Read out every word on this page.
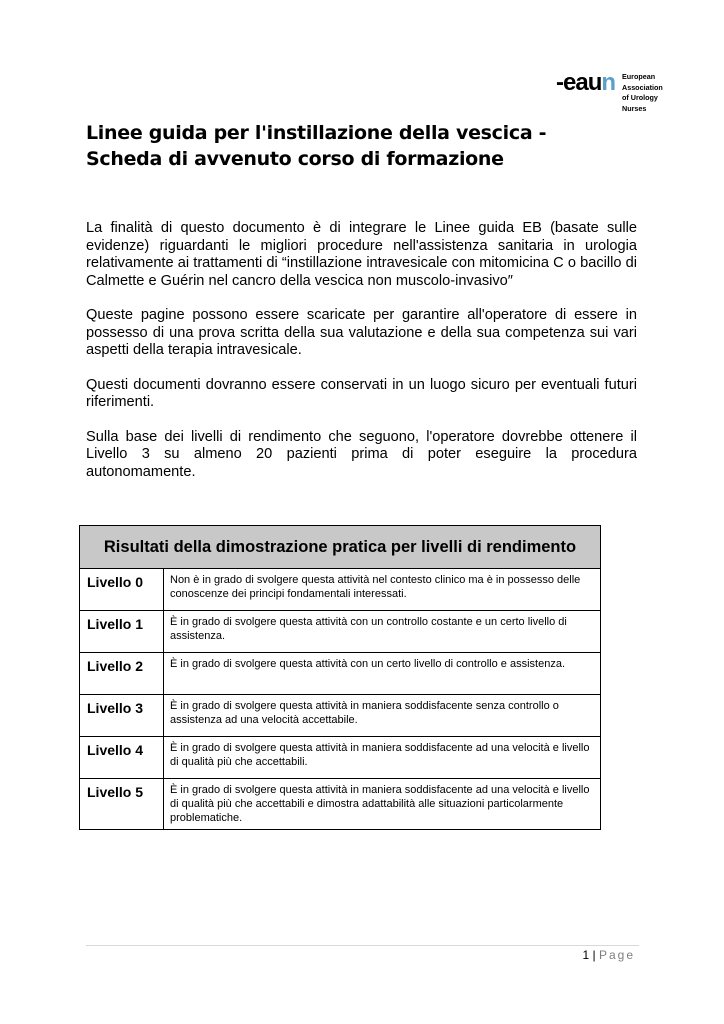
-eaun European
Association
of Urology
Nurses
Linee guida per l'instillazione della vescica -
Scheda di avvenuto corso di formazione

La finalità di questo documento è di integrare le Linee guida EB (basate sulle evidenze) riguardanti le migliori procedure nell'assistenza sanitaria in urologia relativamente ai trattamenti di “instillazione intravesicale con mitomicina C o bacillo di Calmette e Guérin nel cancro della vescica non muscolo-invasivo″

Queste pagine possono essere scaricate per garantire all'operatore di essere in possesso di una prova scritta della sua valutazione e della sua competenza sui vari aspetti della terapia intravesicale.

Questi documenti dovranno essere conservati in un luogo sicuro per eventuali futuri riferimenti.

Sulla base dei livelli di rendimento che seguono, l'operatore dovrebbe ottenere il Livello 3 su almeno 20 pazienti prima di poter eseguire la procedura autonomamente.

Risultati della dimostrazione pratica per livelli di rendimento	
Livello 0	Non è in grado di svolgere questa attività nel contesto clinico ma è in possesso delle conoscenze dei principi fondamentali interessati.
Livello 1	È in grado di svolgere questa attività con un controllo costante e un certo livello di assistenza.
Livello 2	È in grado di svolgere questa attività con un certo livello di controllo e assistenza.
Livello 3	È in grado di svolgere questa attività in maniera soddisfacente senza controllo o assistenza ad una velocità accettabile.
Livello 4	È in grado di svolgere questa attività in maniera soddisfacente ad una velocità e livello di qualità più che accettabili.
Livello 5	È in grado di svolgere questa attività in maniera soddisfacente ad una velocità e livello di qualità più che accettabili e dimostra adattabilità alle situazioni particolarmente problematiche.
1 | Page
